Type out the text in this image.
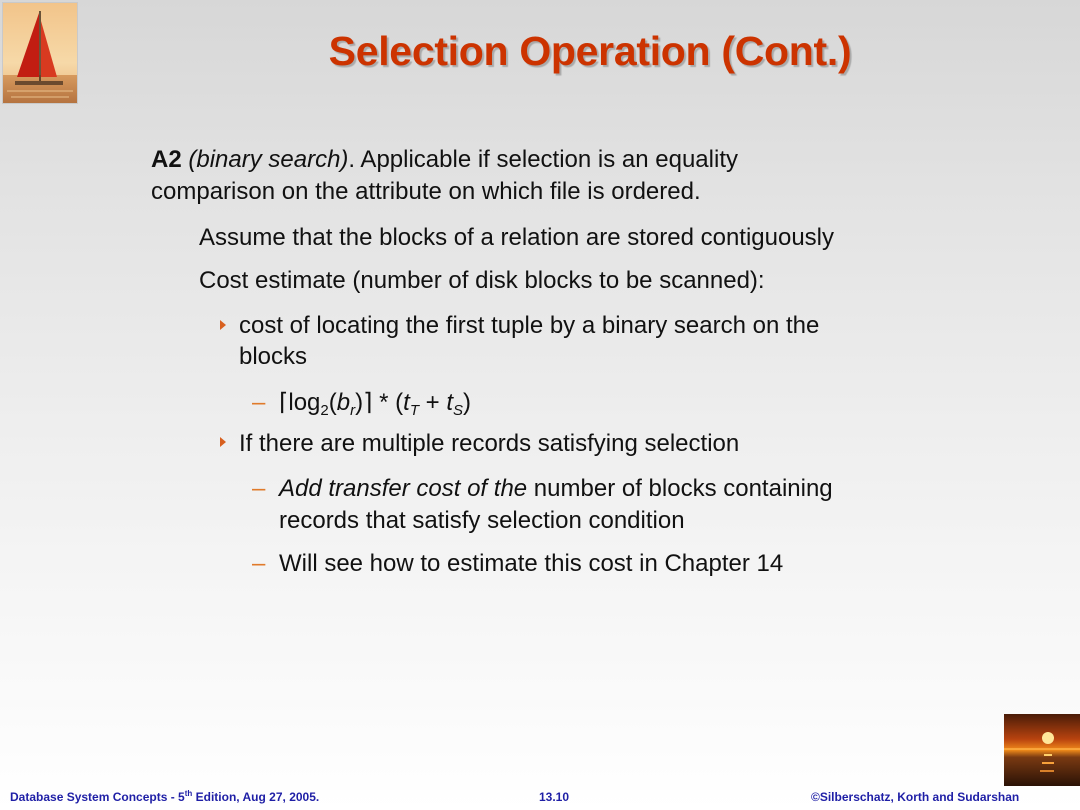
Selection Operation (Cont.)
A2 (binary search). Applicable if selection is an equality
comparison on the attribute on which file is ordered.
Assume that the blocks of a relation are stored contiguously
Cost estimate (number of disk blocks to be scanned):
cost of locating the first tuple by a binary search on the
blocks
– $⌈\log_2(b_r)⌉ * (t_T + t_S)$
If there are multiple records satisfying selection
– Add transfer cost of the number of blocks containing
records that satisfy selection condition
– Will see how to estimate this cost in Chapter 14
Database System Concepts - 5th Edition, Aug 27, 2005.	13.10	©Silberschatz, Korth and Sudarshan
